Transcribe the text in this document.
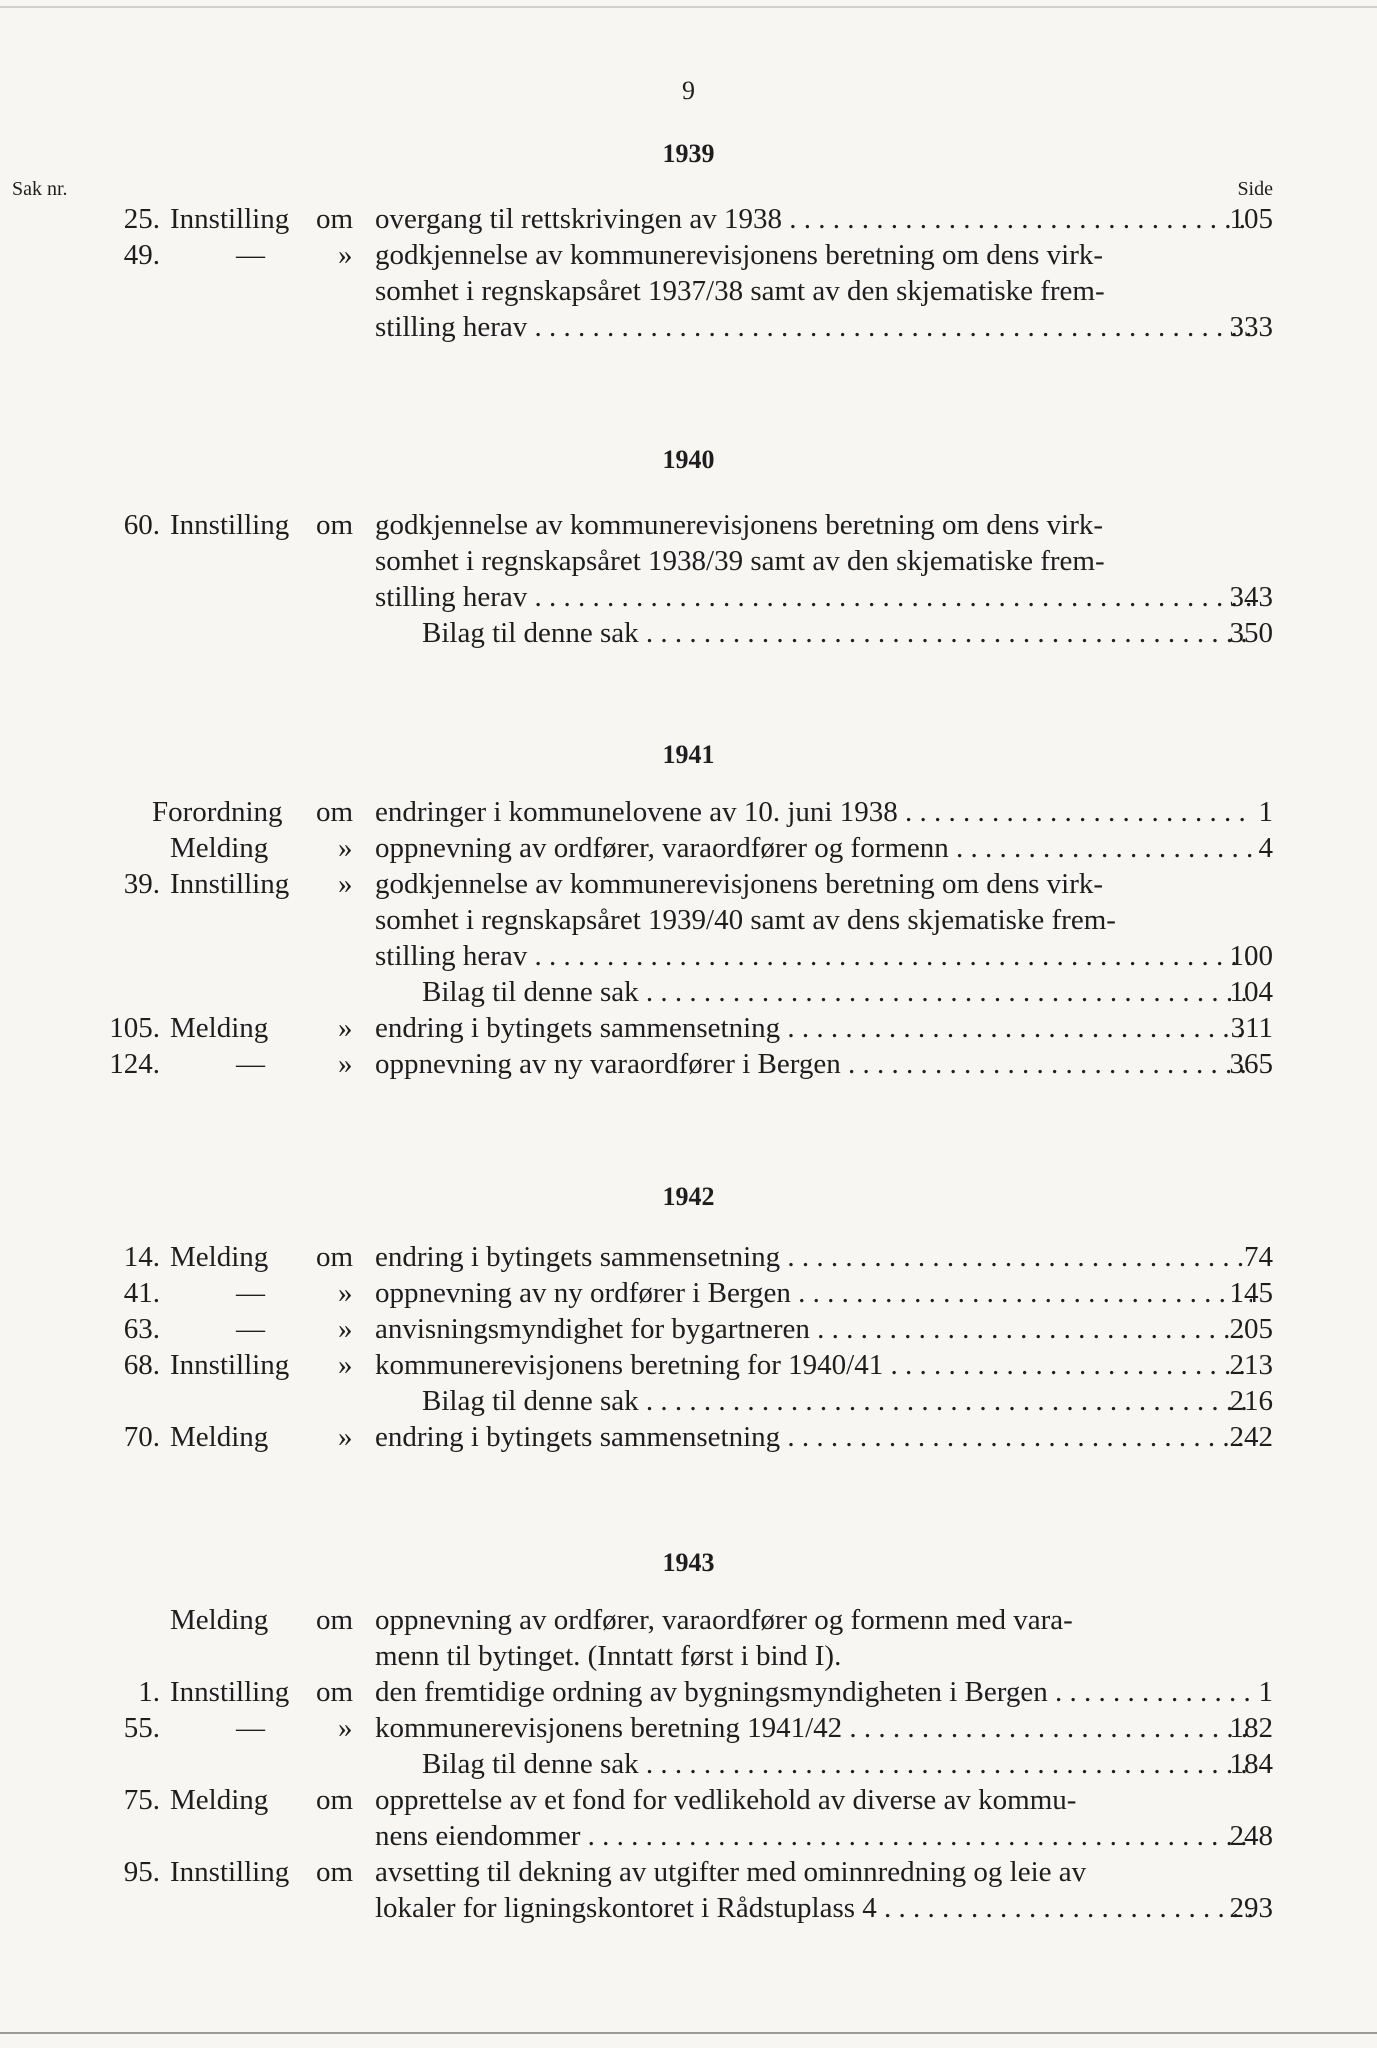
9
1939
Sak nr.	Side
25. Innstilling om overgang til rettskrivingen av 1938 . . .	105
49.	—	» godkjennelse av kommunerevisjonens beretning om dens virk-
somhet i regnskapsåret 1937/38 samt av den skjematiske frem-
stilling herav . . .	333
1940
60. Innstilling om godkjennelse av kommunerevisjonens beretning om dens virk-
somhet i regnskapsåret 1938/39 samt av den skjematiske frem-
stilling herav . . .	343
Bilag til denne sak . . .	350
1941
Forordning om endringer i kommunelovene av 10. juni 1938 . . .	1
Melding » oppnevning av ordfører, varaordfører og formenn . . .	4
39. Innstilling » godkjennelse av kommunerevisjonens beretning om dens virk-
somhet i regnskapsåret 1939/40 samt av dens skjematiske frem-
stilling herav . . .	100
Bilag til denne sak . . .	104
105. Melding » endring i bytingets sammensetning . . .	311
124.	—	» oppnevning av ny varaordfører i Bergen . . .	365
1942
14. Melding om endring i bytingets sammensetning . . .	74
41.	—	» oppnevning av ny ordfører i Bergen . . .	145
63.	—	» anvisningsmyndighet for bygartneren . . .	205
68. Innstilling » kommunerevisjonens beretning for 1940/41 . . .	213
Bilag til denne sak . . .	216
70. Melding » endring i bytingets sammensetning . . .	242
1943
Melding om oppnevning av ordfører, varaordfører og formenn med vara-
menn til bytinget. (Inntatt først i bind I).
1. Innstilling om den fremtidige ordning av bygningsmyndigheten i Bergen . . .	1
55.	—	» kommunerevisjonens beretning 1941/42 . . .	182
Bilag til denne sak . . .	184
75. Melding om opprettelse av et fond for vedlikehold av diverse av kommu-
nens eiendommer . . .	248
95. Innstilling om avsetting til dekning av utgifter med ominnredning og leie av
lokaler for ligningskontoret i Rådstuplass 4 . . .	293
